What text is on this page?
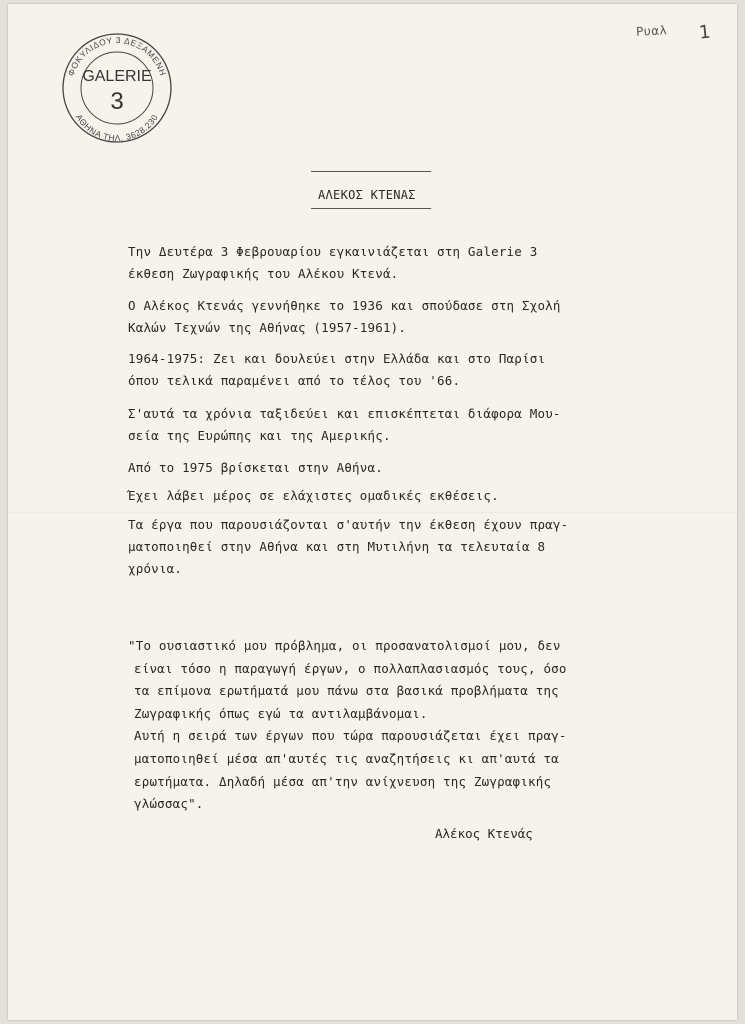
ΦΟΚΥΛΙΔΟΥ 3 ΔΕΞΑΜΕΝΗ
ΑΘΗΝΑ ΤΗΛ. 3628.230
GALERIE
3
Ρυαλ 1
ΑΛΕΚΟΣ ΚΤΕΝΑΣ
Την Δευτέρα 3 Φεβρουαρίου εγκαινιάζεται στη Galerie 3
έκθεση Ζωγραφικής του Αλέκου Κτενά.
Ο Αλέκος Κτενάς γεννήθηκε το 1936 και σπούδασε στη Σχολή
Καλών Τεχνών της Αθήνας (1957-1961).
1964-1975: Ζει και δουλεύει στην Ελλάδα και στο Παρίσι
όπου τελικά παραμένει από το τέλος του '66.
Σ'αυτά τα χρόνια ταξιδεύει και επισκέπτεται διάφορα Μου-
σεία της Ευρώπης και της Αμερικής.
Από το 1975 βρίσκεται στην Αθήνα.
Έχει λάβει μέρος σε ελάχιστες ομαδικές εκθέσεις.
Τα έργα που παρουσιάζονται σ'αυτήν την έκθεση έχουν πραγ-
ματοποιηθεί στην Αθήνα και στη Μυτιλήνη τα τελευταία 8
χρόνια.
"Το ουσιαστικό μου πρόβλημα, οι προσανατολισμοί μου, δεν
είναι τόσο η παραγωγή έργων, ο πολλαπλασιασμός τους, όσο
τα επίμονα ερωτήματά μου πάνω στα βασικά προβλήματα της
Ζωγραφικής όπως εγώ τα αντιλαμβάνομαι.
Αυτή η σειρά των έργων που τώρα παρουσιάζεται έχει πραγ-
ματοποιηθεί μέσα απ'αυτές τις αναζητήσεις κι απ'αυτά τα
ερωτήματα. Δηλαδή μέσα απ'την ανίχνευση της Ζωγραφικής
γλώσσας".
Αλέκος Κτενάς
